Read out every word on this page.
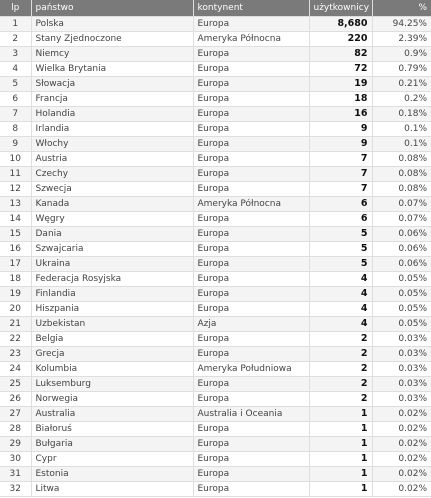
lp	państwo	kontynent	użytkownicy	%
1	Polska	Europa	8,680	94.25%
2	Stany Zjednoczone	Ameryka Północna	220	2.39%
3	Niemcy	Europa	82	0.9%
4	Wielka Brytania	Europa	72	0.79%
5	Słowacja	Europa	19	0.21%
6	Francja	Europa	18	0.2%
7	Holandia	Europa	16	0.18%
8	Irlandia	Europa	9	0.1%
9	Włochy	Europa	9	0.1%
10	Austria	Europa	7	0.08%
11	Czechy	Europa	7	0.08%
12	Szwecja	Europa	7	0.08%
13	Kanada	Ameryka Północna	6	0.07%
14	Węgry	Europa	6	0.07%
15	Dania	Europa	5	0.06%
16	Szwajcaria	Europa	5	0.06%
17	Ukraina	Europa	5	0.06%
18	Federacja Rosyjska	Europa	4	0.05%
19	Finlandia	Europa	4	0.05%
20	Hiszpania	Europa	4	0.05%
21	Uzbekistan	Azja	4	0.05%
22	Belgia	Europa	2	0.03%
23	Grecja	Europa	2	0.03%
24	Kolumbia	Ameryka Południowa	2	0.03%
25	Luksemburg	Europa	2	0.03%
26	Norwegia	Europa	2	0.03%
27	Australia	Australia i Oceania	1	0.02%
28	Białoruś	Europa	1	0.02%
29	Bułgaria	Europa	1	0.02%
30	Cypr	Europa	1	0.02%
31	Estonia	Europa	1	0.02%
32	Litwa	Europa	1	0.02%
